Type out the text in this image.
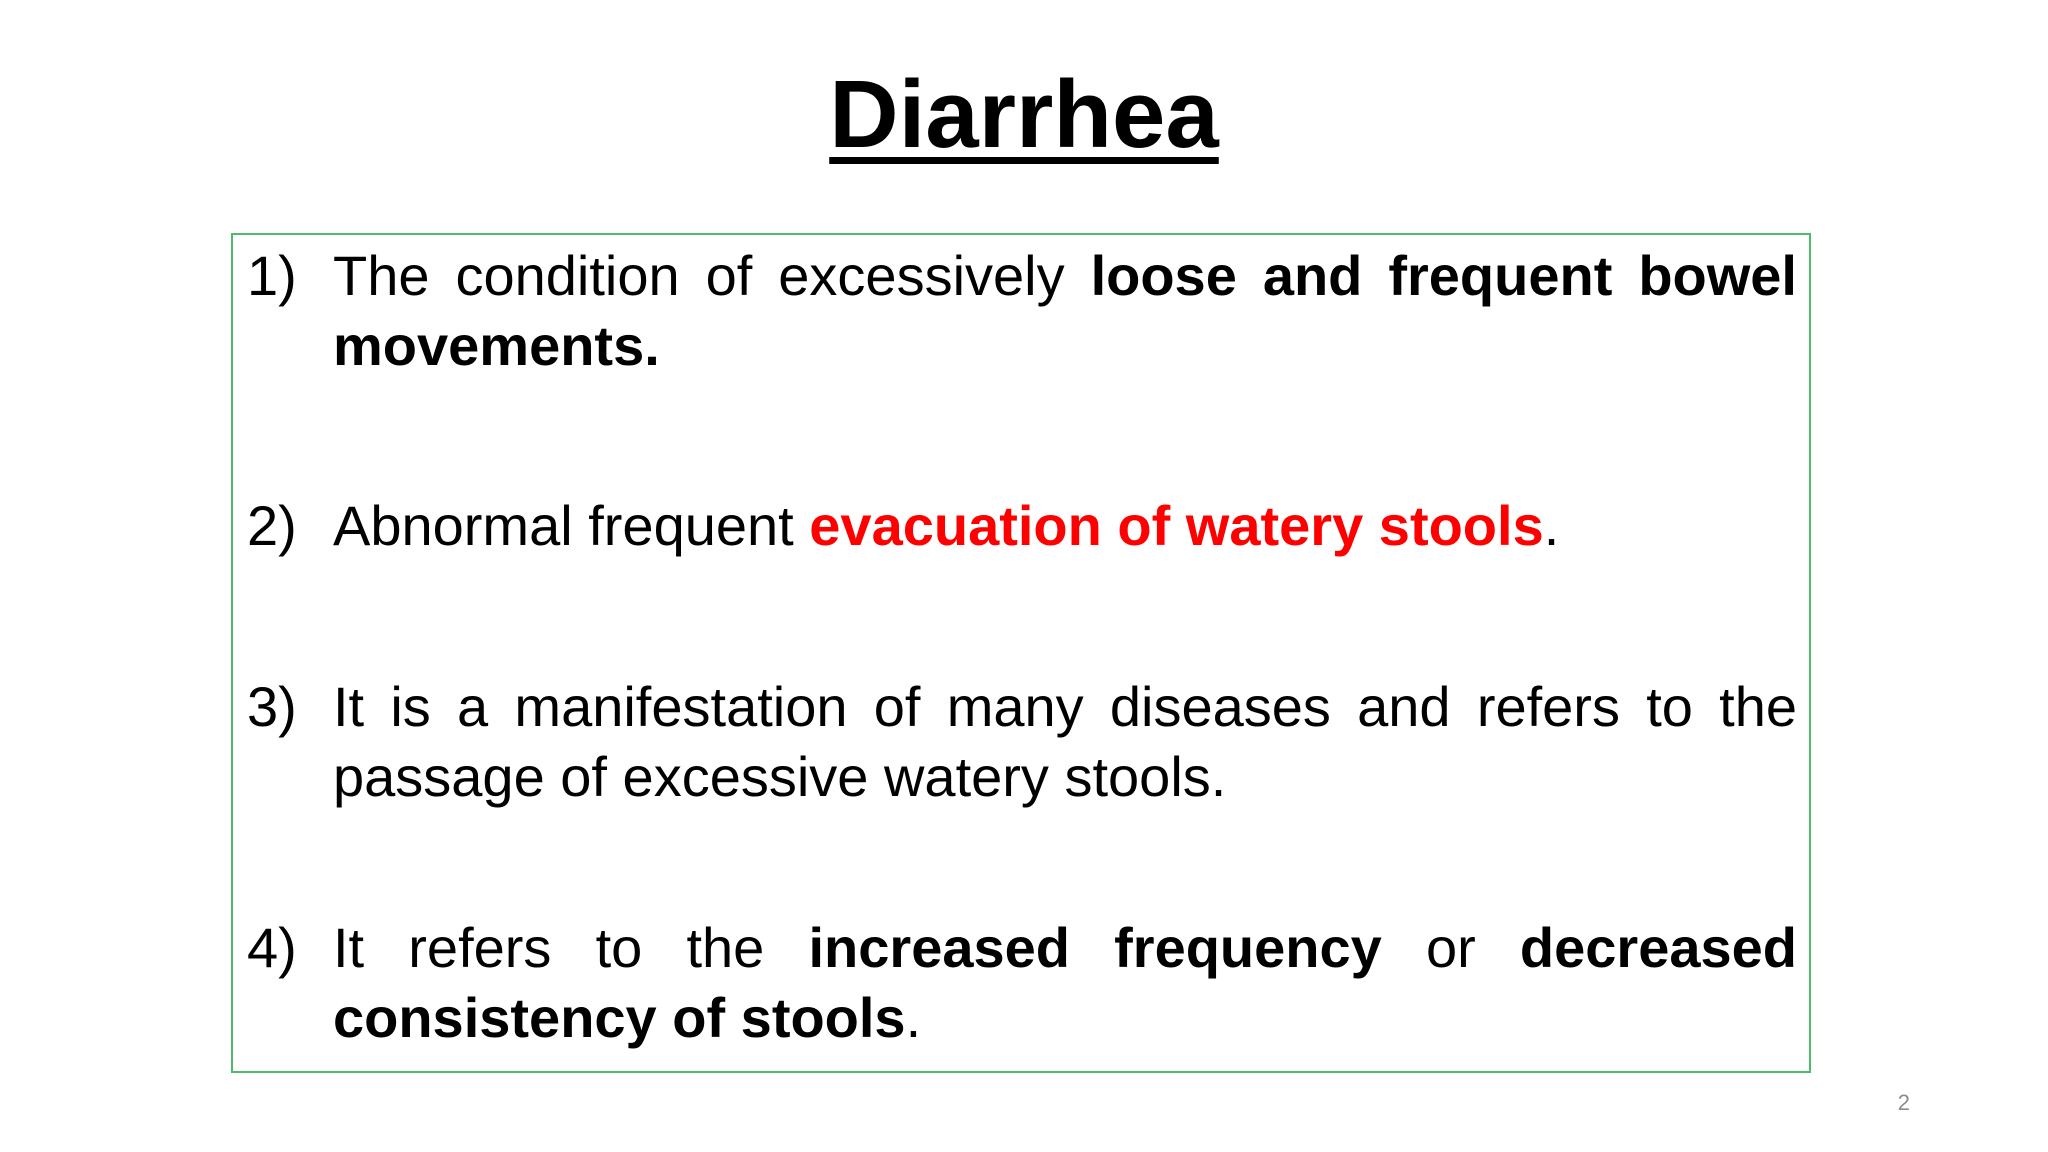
Diarrhea
1) The condition of excessively loose and frequent bowel movements.
2) Abnormal frequent evacuation of watery stools.
3) It is a manifestation of many diseases and refers to the passage of excessive watery stools.
4) It refers to the increased frequency or decreased consistency of stools.
2
